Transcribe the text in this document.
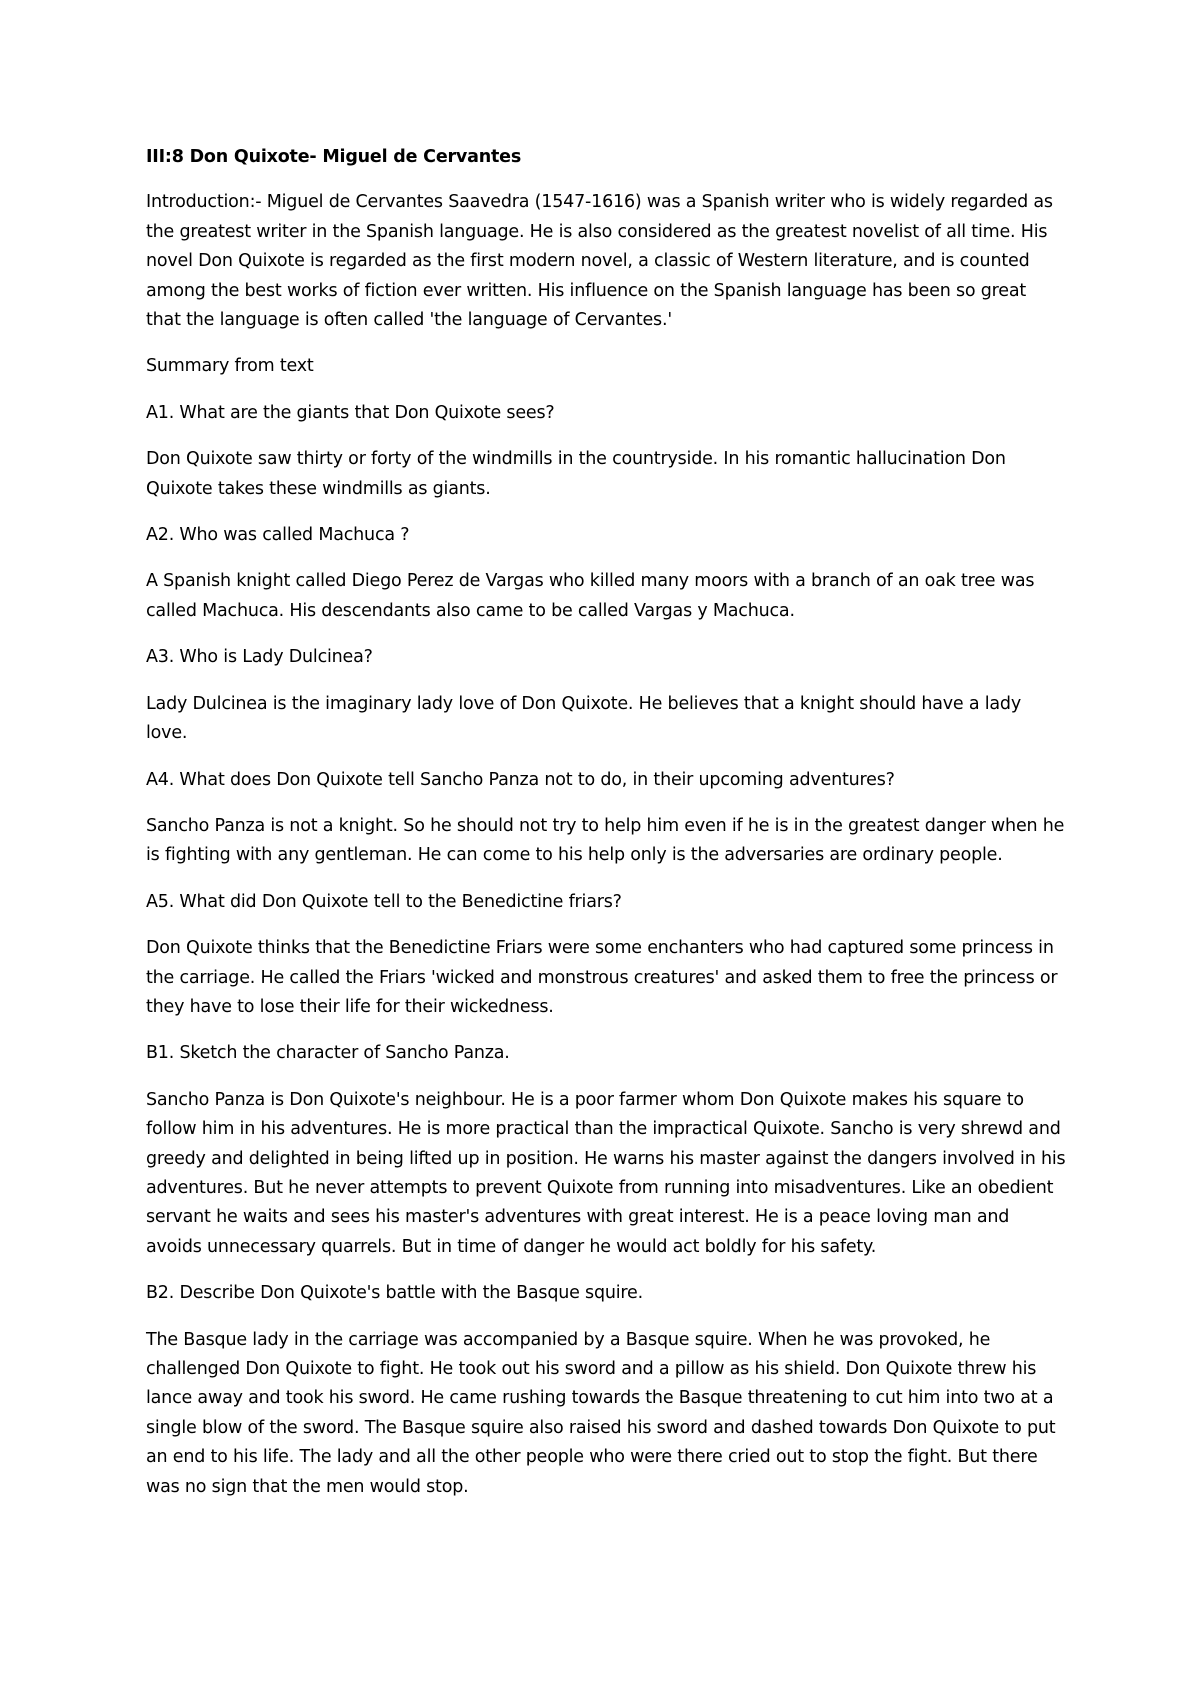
III:8 Don Quixote- Miguel de Cervantes

Introduction:- Miguel de Cervantes Saavedra (1547-1616) was a Spanish writer who is widely regarded as the greatest writer in the Spanish language. He is also considered as the greatest novelist of all time. His novel Don Quixote is regarded as the first modern novel, a classic of Western literature, and is counted among the best works of fiction ever written. His influence on the Spanish language has been so great that the language is often called 'the language of Cervantes.'

Summary from text

A1. What are the giants that Don Quixote sees?

Don Quixote saw thirty or forty of the windmills in the countryside. In his romantic hallucination Don Quixote takes these windmills as giants.

A2. Who was called Machuca ?

A Spanish knight called Diego Perez de Vargas who killed many moors with a branch of an oak tree was called Machuca. His descendants also came to be called Vargas y Machuca.

A3. Who is Lady Dulcinea?

Lady Dulcinea is the imaginary lady love of Don Quixote. He believes that a knight should have a lady love.

A4. What does Don Quixote tell Sancho Panza not to do, in their upcoming adventures?

Sancho Panza is not a knight. So he should not try to help him even if he is in the greatest danger when he is fighting with any gentleman. He can come to his help only is the adversaries are ordinary people.

A5. What did Don Quixote tell to the Benedictine friars?

Don Quixote thinks that the Benedictine Friars were some enchanters who had captured some princess in the carriage. He called the Friars 'wicked and monstrous creatures' and asked them to free the princess or they have to lose their life for their wickedness.

B1. Sketch the character of Sancho Panza.

Sancho Panza is Don Quixote's neighbour. He is a poor farmer whom Don Quixote makes his square to follow him in his adventures. He is more practical than the impractical Quixote. Sancho is very shrewd and greedy and delighted in being lifted up in position. He warns his master against the dangers involved in his adventures. But he never attempts to prevent Quixote from running into misadventures. Like an obedient servant he waits and sees his master's adventures with great interest. He is a peace loving man and avoids unnecessary quarrels. But in time of danger he would act boldly for his safety.

B2. Describe Don Quixote's battle with the Basque squire.

The Basque lady in the carriage was accompanied by a Basque squire. When he was provoked, he challenged Don Quixote to fight. He took out his sword and a pillow as his shield. Don Quixote threw his lance away and took his sword. He came rushing towards the Basque threatening to cut him into two at a single blow of the sword. The Basque squire also raised his sword and dashed towards Don Quixote to put an end to his life. The lady and all the other people who were there cried out to stop the fight. But there was no sign that the men would stop.
